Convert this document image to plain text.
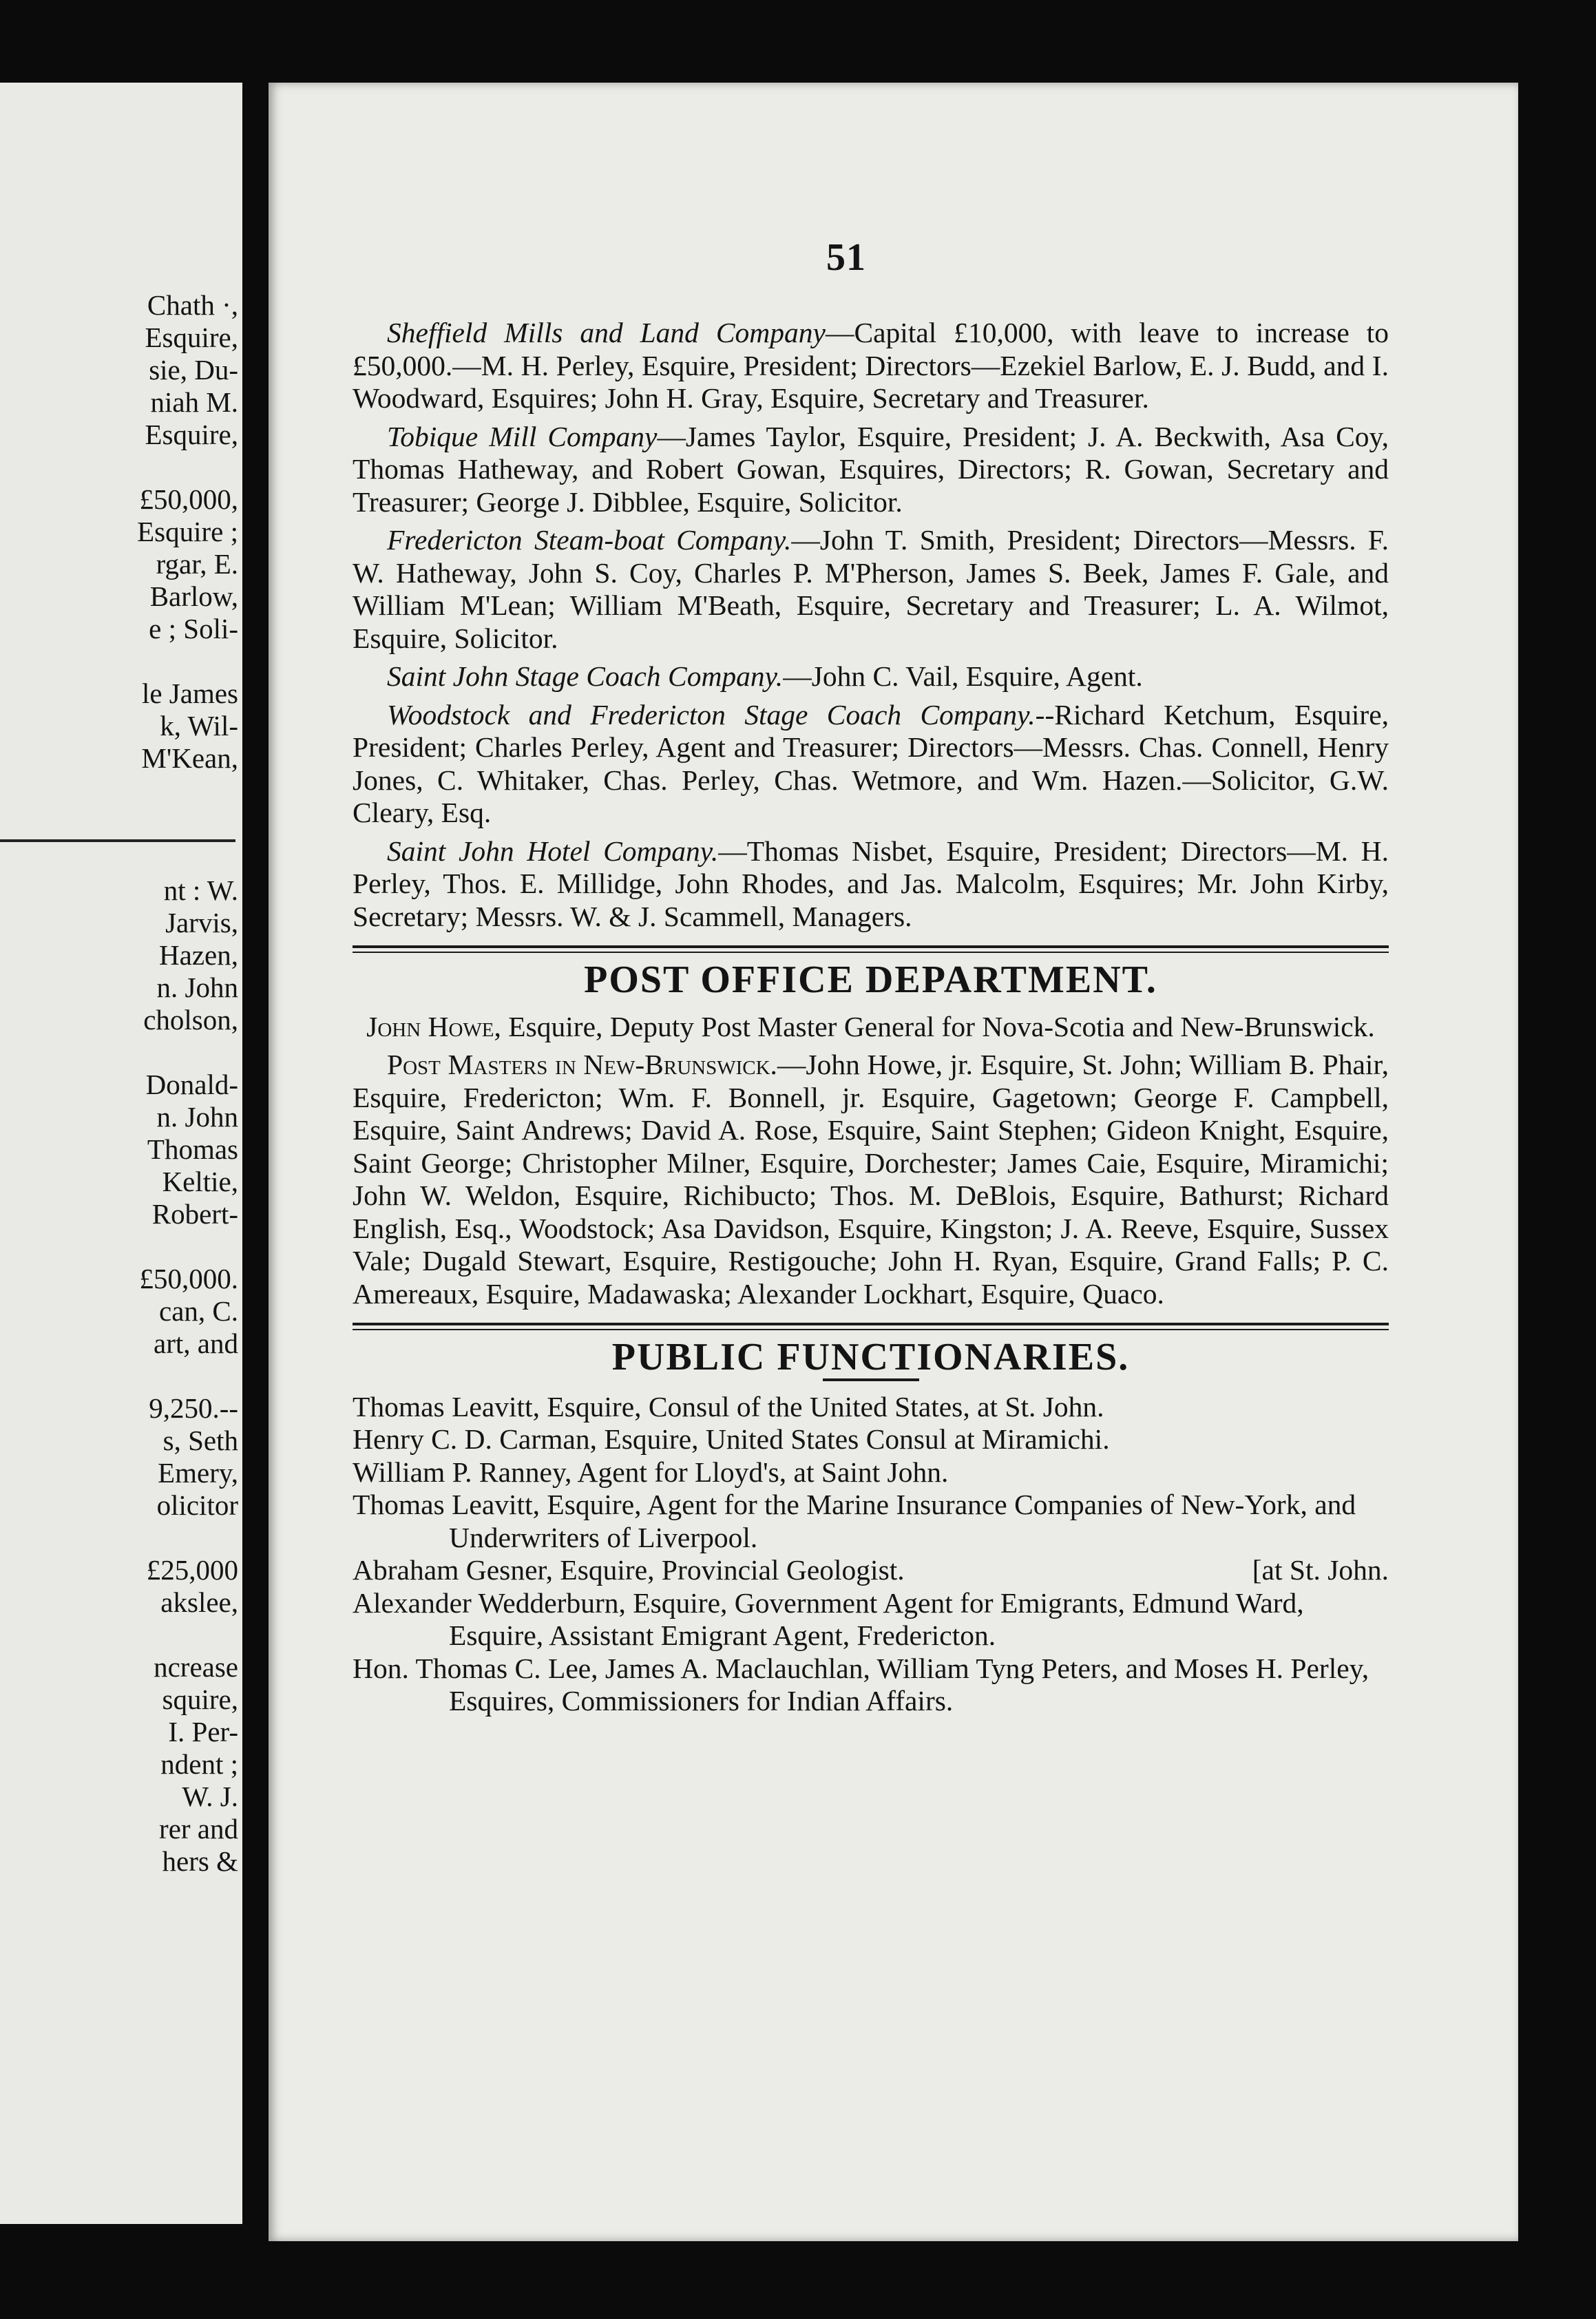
Chath ·,
Esquire,
sie, Du-
niah M.
Esquire,
£50,000,
Esquire ;
rgar, E.
Barlow,
e ; Soli-
le James
k, Wil-
M'Kean,
nt : W.
Jarvis,
Hazen,
n. John
cholson,
Donald-
n. John
Thomas
Keltie,
Robert-
£50,000.
can, C.
art, and
9,250.--
s, Seth
Emery,
olicitor
£25,000
akslee,
ncrease
squire,
I. Per-
ndent ;
W. J.
rer and
hers &
51

Sheffield Mills and Land Company—Capital £10,000, with leave to increase to £50,000.—M. H. Perley, Esquire, President; Directors—Ezekiel Barlow, E. J. Budd, and I. Woodward, Esquires; John H. Gray, Esquire, Secretary and Treasurer.

Tobique Mill Company—James Taylor, Esquire, President; J. A. Beckwith, Asa Coy, Thomas Hatheway, and Robert Gowan, Esquires, Directors; R. Gowan, Secretary and Treasurer; George J. Dibblee, Esquire, Solicitor.

Fredericton Steam-boat Company.—John T. Smith, President; Directors—Messrs. F. W. Hatheway, John S. Coy, Charles P. M'Pherson, James S. Beek, James F. Gale, and William M'Lean; William M'Beath, Esquire, Secretary and Treasurer; L. A. Wilmot, Esquire, Solicitor.

Saint John Stage Coach Company.—John C. Vail, Esquire, Agent.

Woodstock and Fredericton Stage Coach Company.--Richard Ketchum, Esquire, President; Charles Perley, Agent and Treasurer; Directors—Messrs. Chas. Connell, Henry Jones, C. Whitaker, Chas. Perley, Chas. Wetmore, and Wm. Hazen.—Solicitor, G.W. Cleary, Esq.

Saint John Hotel Company.—Thomas Nisbet, Esquire, President; Directors—M. H. Perley, Thos. E. Millidge, John Rhodes, and Jas. Malcolm, Esquires; Mr. John Kirby, Secretary; Messrs. W. & J. Scammell, Managers.

POST OFFICE DEPARTMENT.

John Howe, Esquire, Deputy Post Master General for Nova-Scotia and New-Brunswick.

Post Masters in New-Brunswick.—John Howe, jr. Esquire, St. John; William B. Phair, Esquire, Fredericton; Wm. F. Bonnell, jr. Esquire, Gagetown; George F. Campbell, Esquire, Saint Andrews; David A. Rose, Esquire, Saint Stephen; Gideon Knight, Esquire, Saint George; Christopher Milner, Esquire, Dorchester; James Caie, Esquire, Miramichi; John W. Weldon, Esquire, Richibucto; Thos. M. DeBlois, Esquire, Bathurst; Richard English, Esq., Woodstock; Asa Davidson, Esquire, Kingston; J. A. Reeve, Esquire, Sussex Vale; Dugald Stewart, Esquire, Restigouche; John H. Ryan, Esquire, Grand Falls; P. C. Amereaux, Esquire, Madawaska; Alexander Lockhart, Esquire, Quaco.

PUBLIC FUNCTIONARIES.

Thomas Leavitt, Esquire, Consul of the United States, at St. John.

Henry C. D. Carman, Esquire, United States Consul at Miramichi.

William P. Ranney, Agent for Lloyd's, at Saint John.

Thomas Leavitt, Esquire, Agent for the Marine Insurance Companies of New-York, and Underwriters of Liverpool.

Abraham Gesner, Esquire, Provincial Geologist.	[at St. John.

Alexander Wedderburn, Esquire, Government Agent for Emigrants, Edmund Ward, Esquire, Assistant Emigrant Agent, Fredericton.

Hon. Thomas C. Lee, James A. Maclauchlan, William Tyng Peters, and Moses H. Perley, Esquires, Commissioners for Indian Affairs.
